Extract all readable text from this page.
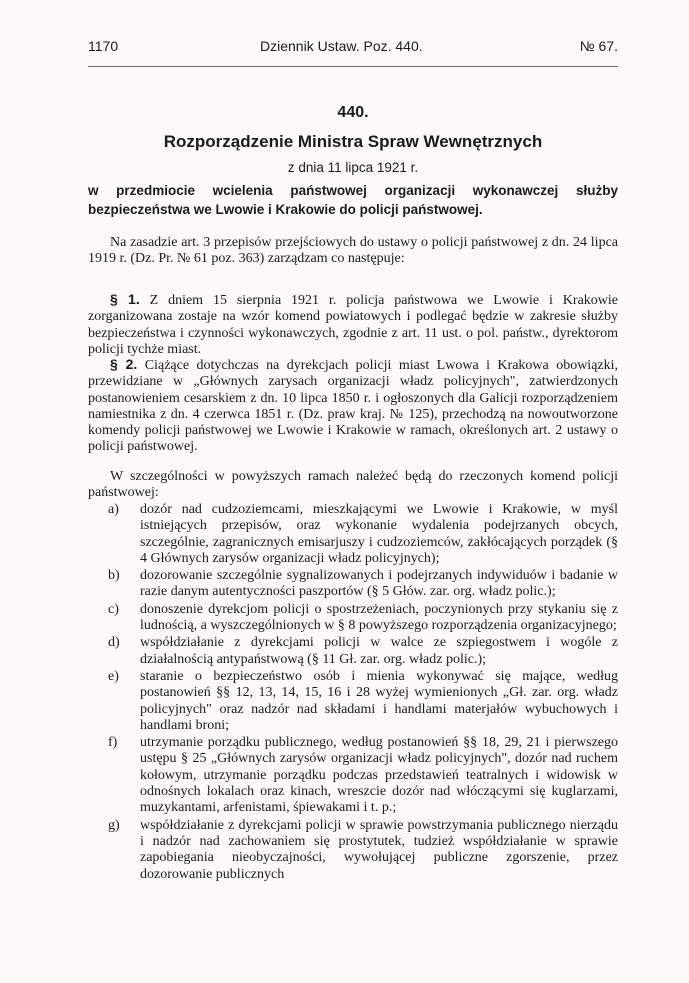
1170	Dziennik Ustaw. Poz. 440.	№ 67.
440.
Rozporządzenie Ministra Spraw Wewnętrznych
z dnia 11 lipca 1921 r.
w przedmiocie wcielenia państwowej organizacji wykonawczej służby bezpieczeństwa we Lwowie i Krakowie do policji państwowej.
Na zasadzie art. 3 przepisów przejściowych do ustawy o policji państwowej z dn. 24 lipca 1919 r. (Dz. Pr. № 61 poz. 363) zarządzam co następuje:
§ 1. Z dniem 15 sierpnia 1921 r. policja państwowa we Lwowie i Krakowie zorganizowana zostaje na wzór komend powiatowych i podlegać będzie w zakresie służby bezpieczeństwa i czynności wykonawczych, zgodnie z art. 11 ust. o pol. państw., dyrektorom policji tychże miast.
§ 2. Ciążące dotychczas na dyrekcjach policji miast Lwowa i Krakowa obowiązki, przewidziane w „Głównych zarysach organizacji władz policyjnych", zatwierdzonych postanowieniem cesarskiem z dn. 10 lipca 1850 r. i ogłoszonych dla Galicji rozporządzeniem namiestnika z dn. 4 czerwca 1851 r. (Dz. praw kraj. № 125), przechodzą na nowoutworzone komendy policji państwowej we Lwowie i Krakowie w ramach, określonych art. 2 ustawy o policji państwowej.
W szczególności w powyższych ramach należeć będą do rzeczonych komend policji państwowej:
a) dozór nad cudzoziemcami, mieszkającymi we Lwowie i Krakowie, w myśl istniejących przepisów, oraz wykonanie wydalenia podejrzanych obcych, szczególnie, zagranicznych emisarjuszy i cudzoziemców, zakłócających porządek (§ 4 Głównych zarysów organizacji władz policyjnych);
b) dozorowanie szczególnie sygnalizowanych i podejrzanych indywiduów i badanie w razie danym autentyczności paszportów (§ 5 Głów. zar. org. władz polic.);
c) donoszenie dyrekcjom policji o spostrzeżeniach, poczynionych przy stykaniu się z ludnością, a wyszczególnionych w § 8 powyższego rozporządzenia organizacyjnego;
d) współdziałanie z dyrekcjami policji w walce ze szpiegostwem i wogóle z działalnością antypaństwową (§ 11 Gł. zar. org. władz polic.);
e) staranie o bezpieczeństwo osób i mienia wykonywać się mające, według postanowień §§ 12, 13, 14, 15, 16 i 28 wyżej wymienionych „Gł. zar. org. władz policyjnych" oraz nadzór nad składami i handlami materjałów wybuchowych i handlami broni;
f) utrzymanie porządku publicznego, według postanowień §§ 18, 29, 21 i pierwszego ustępu § 25 „Głównych zarysów organizacji władz policyjnych", dozór nad ruchem kołowym, utrzymanie porządku podczas przedstawień teatralnych i widowisk w odnośnych lokalach oraz kinach, wreszcie dozór nad włóczącymi się kuglarzami, muzykantami, arfenistami, śpiewakami i t. p.;
g) współdziałanie z dyrekcjami policji w sprawie powstrzymania publicznego nierządu i nadzór nad zachowaniem się prostytutek, tudzież współdziałanie w sprawie zapobiegania nieobyczajności, wywołującej publiczne zgorszenie, przez dozorowanie publicznych
